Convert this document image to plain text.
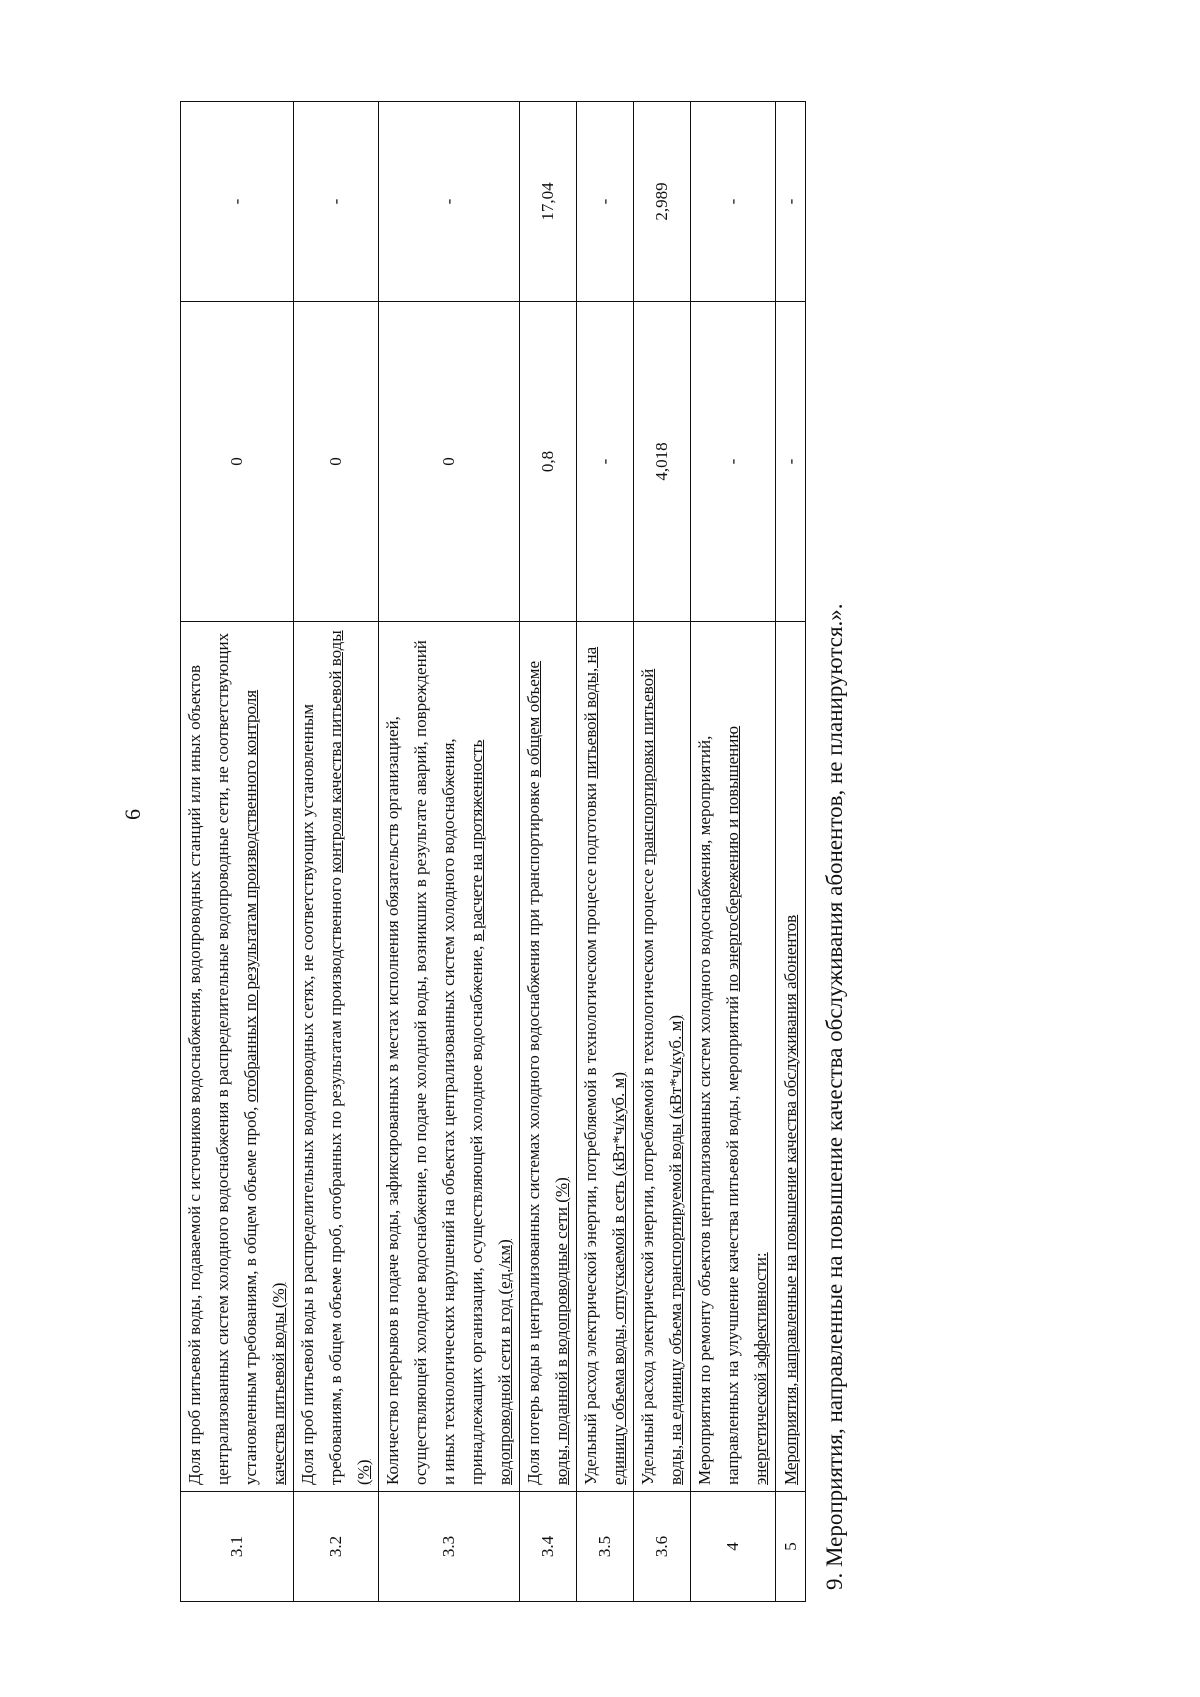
6
3.1	Доля проб питьевой воды, подаваемой с источников водоснабжения, водопроводных станций или иных объектов централизованных систем холодного водоснабжения в распределительные водопроводные сети, не соответствующих установленным требованиям, в общем объеме проб, отобранных по результатам производственного контроля качества питьевой воды (%)	0	-
3.2	Доля проб питьевой воды в распределительных водопроводных сетях, не соответствующих установленным требованиям, в общем объеме проб, отобранных по результатам производственного контроля качества питьевой воды (%)	0	-
3.3	Количество перерывов в подаче воды, зафиксированных в местах исполнения обязательств организацией, осуществляющей холодное водоснабжение, по подаче холодной воды, возникших в результате аварий, повреждений и иных технологических нарушений на объектах централизованных систем холодного водоснабжения, принадлежащих организации, осуществляющей холодное водоснабжение, в расчете на протяженность водопроводной сети в год (ед./км)	0	-
3.4	Доля потерь воды в централизованных системах холодного водоснабжения при транспортировке в общем объеме воды, поданной в водопроводные сети (%)	0,8	17,04
3.5	Удельный расход электрической энергии, потребляемой в технологическом процессе подготовки питьевой воды, на единицу объема воды, отпускаемой в сеть (кВт*ч/куб. м)	-	-
3.6	Удельный расход электрической энергии, потребляемой в технологическом процессе транспортировки питьевой воды, на единицу объема транспортируемой воды (кВт*ч/куб. м)	4,018	2,989
4	Мероприятия по ремонту объектов централизованных систем холодного водоснабжения, мероприятий, направленных на улучшение качества питьевой воды, мероприятий по энергосбережению и повышению энергетической эффективности:	-	-
5	Мероприятия, направленные на повышение качества обслуживания абонентов	-	-
9. Мероприятия, направленные на повышение качества обслуживания абонентов, не планируются.».
